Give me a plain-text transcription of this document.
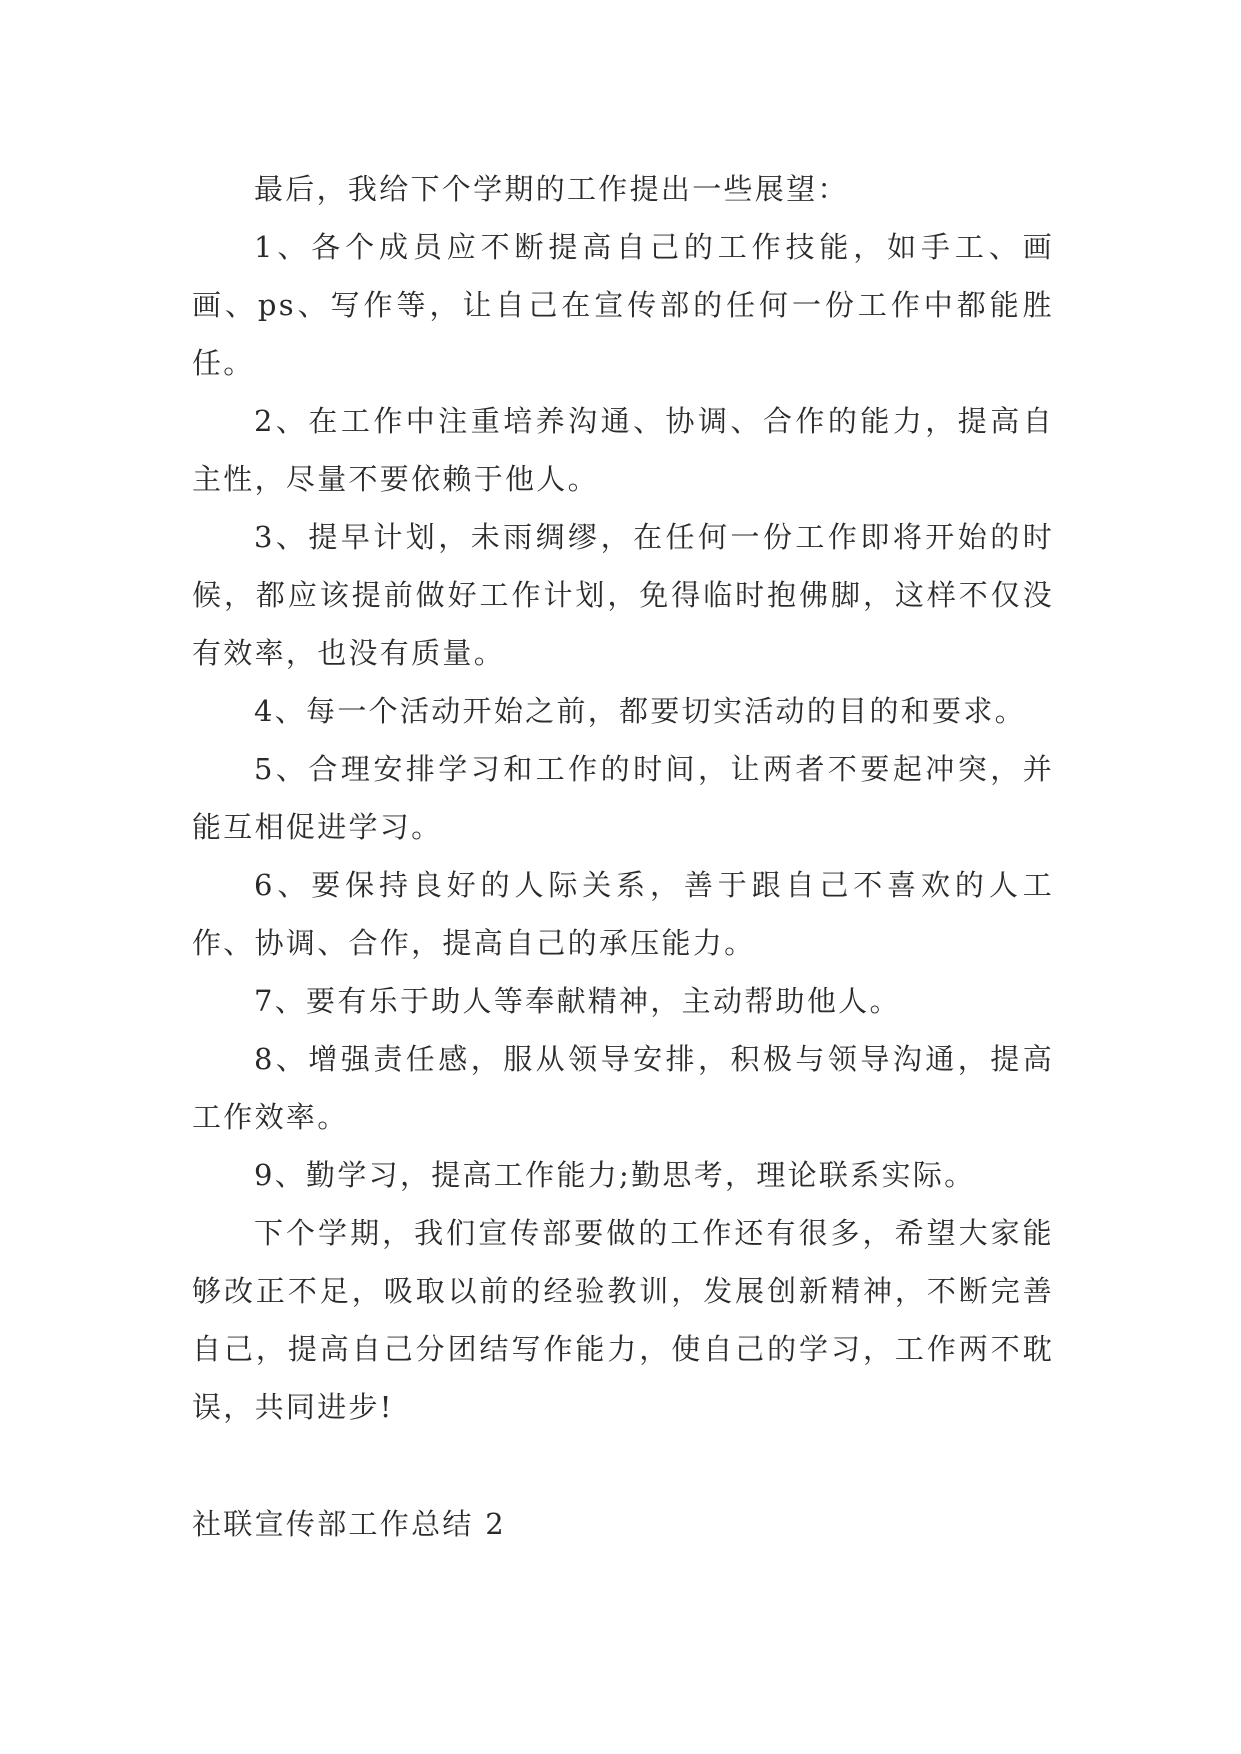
最后，我给下个学期的工作提出一些展望：

1、各个成员应不断提高自己的工作技能，如手工、画画、ps、写作等，让自己在宣传部的任何一份工作中都能胜任。

2、在工作中注重培养沟通、协调、合作的能力，提高自主性，尽量不要依赖于他人。

3、提早计划，未雨绸缪，在任何一份工作即将开始的时候，都应该提前做好工作计划，免得临时抱佛脚，这样不仅没有效率，也没有质量。

4、每一个活动开始之前，都要切实活动的目的和要求。

5、合理安排学习和工作的时间，让两者不要起冲突，并能互相促进学习。

6、要保持良好的人际关系，善于跟自己不喜欢的人工作、协调、合作，提高自己的承压能力。

7、要有乐于助人等奉献精神，主动帮助他人。

8、增强责任感，服从领导安排，积极与领导沟通，提高工作效率。

9、勤学习，提高工作能力;勤思考，理论联系实际。

下个学期，我们宣传部要做的工作还有很多，希望大家能够改正不足，吸取以前的经验教训，发展创新精神，不断完善自己，提高自己分团结写作能力，使自己的学习，工作两不耽误，共同进步!

社联宣传部工作总结 2
